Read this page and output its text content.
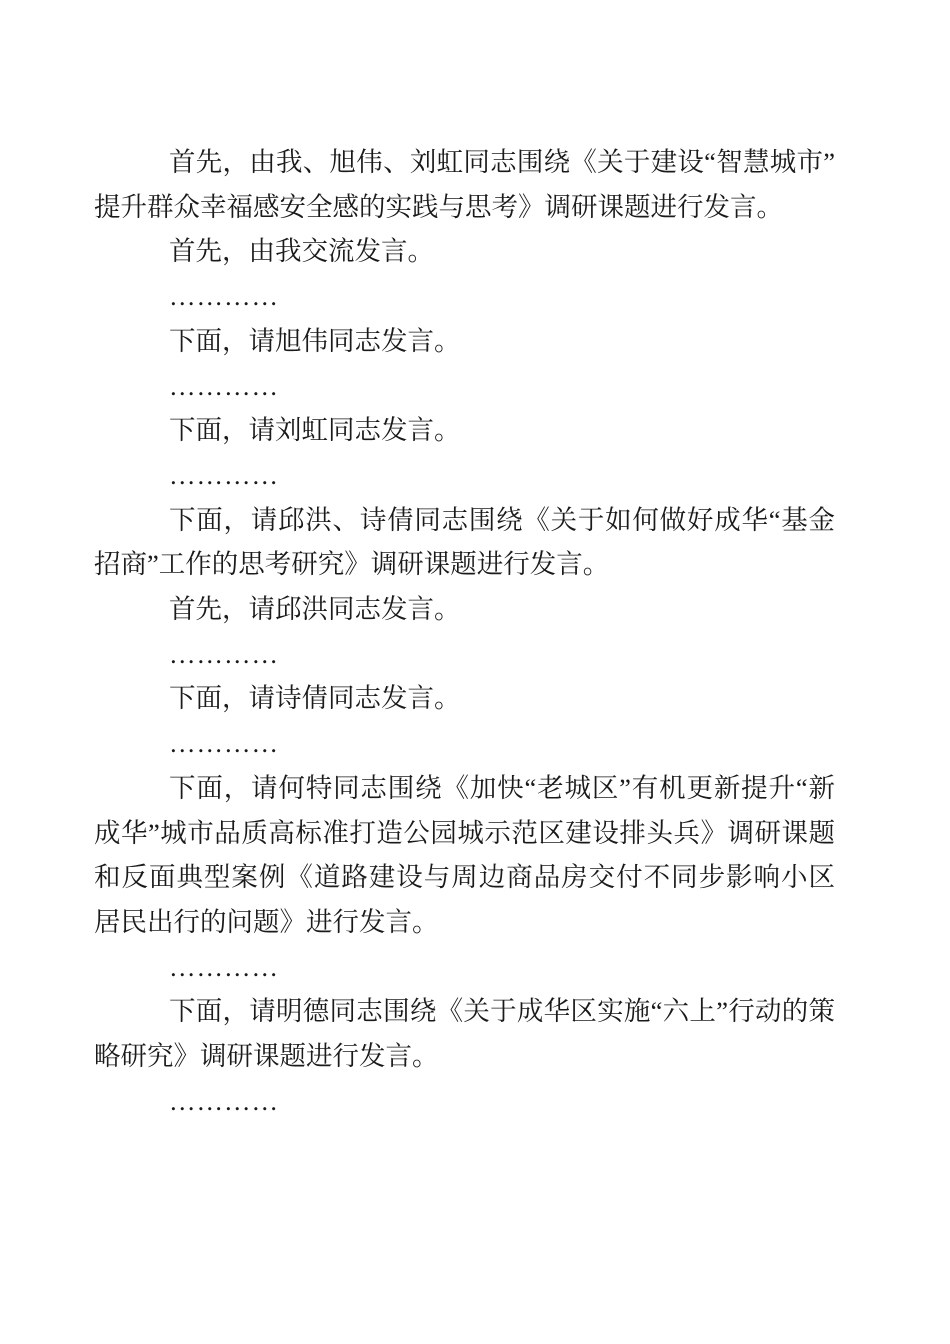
首先，由我、旭伟、刘虹同志围绕《关于建设“智慧城市”提升群众幸福感安全感的实践与思考》调研课题进行发言。

首先，由我交流发言。

…………

下面，请旭伟同志发言。

…………

下面，请刘虹同志发言。

…………

下面，请邱洪、诗倩同志围绕《关于如何做好成华“基金招商”工作的思考研究》调研课题进行发言。

首先，请邱洪同志发言。

…………

下面，请诗倩同志发言。

…………

下面，请何特同志围绕《加快“老城区”有机更新提升“新成华”城市品质高标准打造公园城示范区建设排头兵》调研课题和反面典型案例《道路建设与周边商品房交付不同步影响小区居民出行的问题》进行发言。

…………

下面，请明德同志围绕《关于成华区实施“六上”行动的策略研究》调研课题进行发言。

…………
